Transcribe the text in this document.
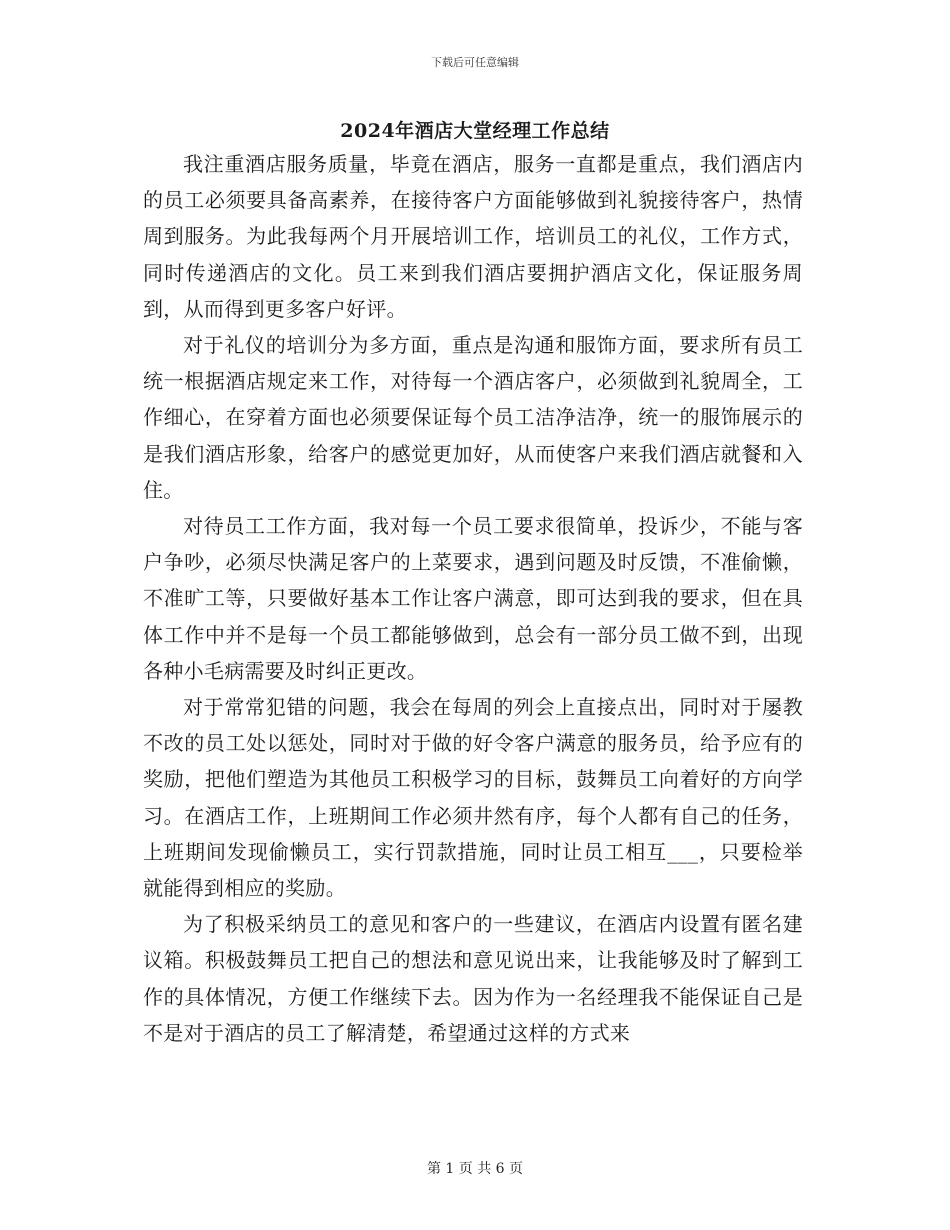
下载后可任意编辑
2024年酒店大堂经理工作总结

我注重酒店服务质量，毕竟在酒店，服务一直都是重点，我们酒店内的员工必须要具备高素养，在接待客户方面能够做到礼貌接待客户，热情周到服务。为此我每两个月开展培训工作，培训员工的礼仪，工作方式，同时传递酒店的文化。员工来到我们酒店要拥护酒店文化，保证服务周到，从而得到更多客户好评。

对于礼仪的培训分为多方面，重点是沟通和服饰方面，要求所有员工统一根据酒店规定来工作，对待每一个酒店客户，必须做到礼貌周全，工作细心，在穿着方面也必须要保证每个员工洁净洁净，统一的服饰展示的是我们酒店形象，给客户的感觉更加好，从而使客户来我们酒店就餐和入住。

对待员工工作方面，我对每一个员工要求很简单，投诉少，不能与客户争吵，必须尽快满足客户的上菜要求，遇到问题及时反馈，不准偷懒，不准旷工等，只要做好基本工作让客户满意，即可达到我的要求，但在具体工作中并不是每一个员工都能够做到，总会有一部分员工做不到，出现各种小毛病需要及时纠正更改。

对于常常犯错的问题，我会在每周的列会上直接点出，同时对于屡教不改的员工处以惩处，同时对于做的好令客户满意的服务员，给予应有的奖励，把他们塑造为其他员工积极学习的目标，鼓舞员工向着好的方向学习。在酒店工作，上班期间工作必须井然有序，每个人都有自己的任务，上班期间发现偷懒员工，实行罚款措施，同时让员工相互___，只要检举就能得到相应的奖励。

为了积极采纳员工的意见和客户的一些建议，在酒店内设置有匿名建议箱。积极鼓舞员工把自己的想法和意见说出来，让我能够及时了解到工作的具体情况，方便工作继续下去。因为作为一名经理我不能保证自己是不是对于酒店的员工了解清楚，希望通过这样的方式来

第 1 页 共 6 页
